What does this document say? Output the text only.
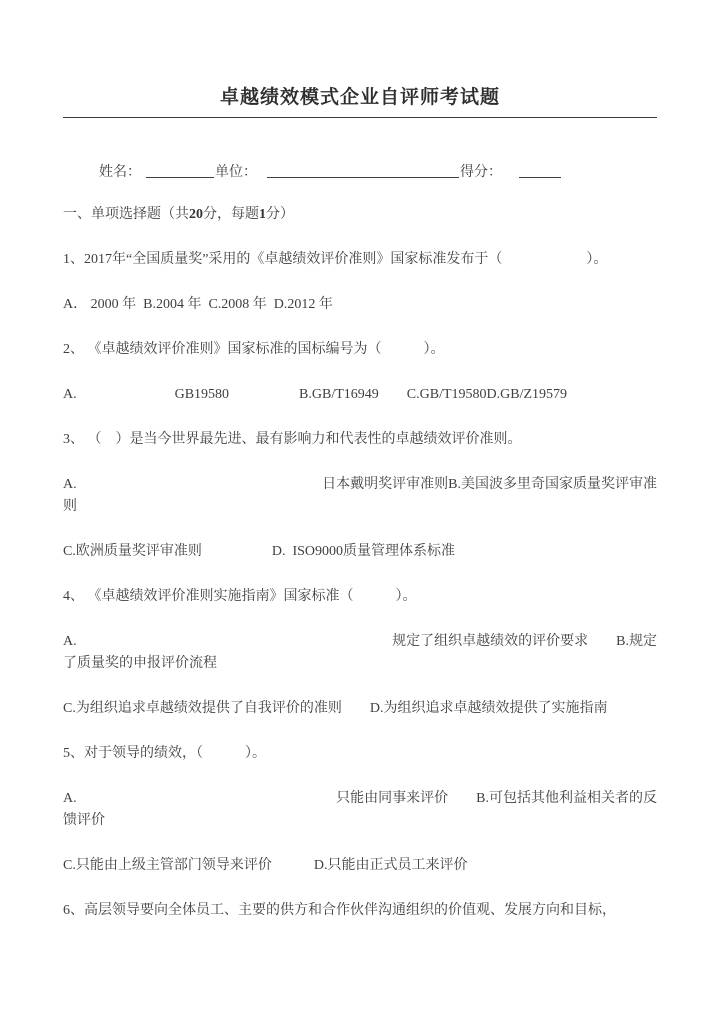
卓越绩效模式企业自评师考试题
姓名：	单位：	得分：
一、单项选择题（共20分，每题1分）
1、2017年“全国质量奖”采用的《卓越绩效评价准则》国家标准发布于（　　　　　　）。
A． 2000 年  B.2004 年  C.2008 年  D.2012 年
2、 《卓越绩效评价准则》国家标准的国标编号为（　　　）。
A.　　　　　　　GB19580　　　　　B.GB/T16949　　C.GB/T19580D.GB/Z19579
3、 （　）是当今世界最先进、最有影响力和代表性的卓越绩效评价准则。
A.	日本戴明奖评审准则B.美国波多里奇国家质量奖评审准
则
C.欧洲质量奖评审准则　　　　　D.  ISO9000质量管理体系标准
4、 《卓越绩效评价准则实施指南》国家标准（　　　）。
A.	规定了组织卓越绩效的评价要求　　B.规定
了质量奖的申报评价流程
C.为组织追求卓越绩效提供了自我评价的准则　　D.为组织追求卓越绩效提供了实施指南
5、对于领导的绩效，（　　　）。
A.	只能由同事来评价　　B.可包括其他利益相关者的反
馈评价
C.只能由上级主管部门领导来评价　　　D.只能由正式员工来评价
6、高层领导要向全体员工、主要的供方和合作伙伴沟通组织的价值观、发展方向和目标，
